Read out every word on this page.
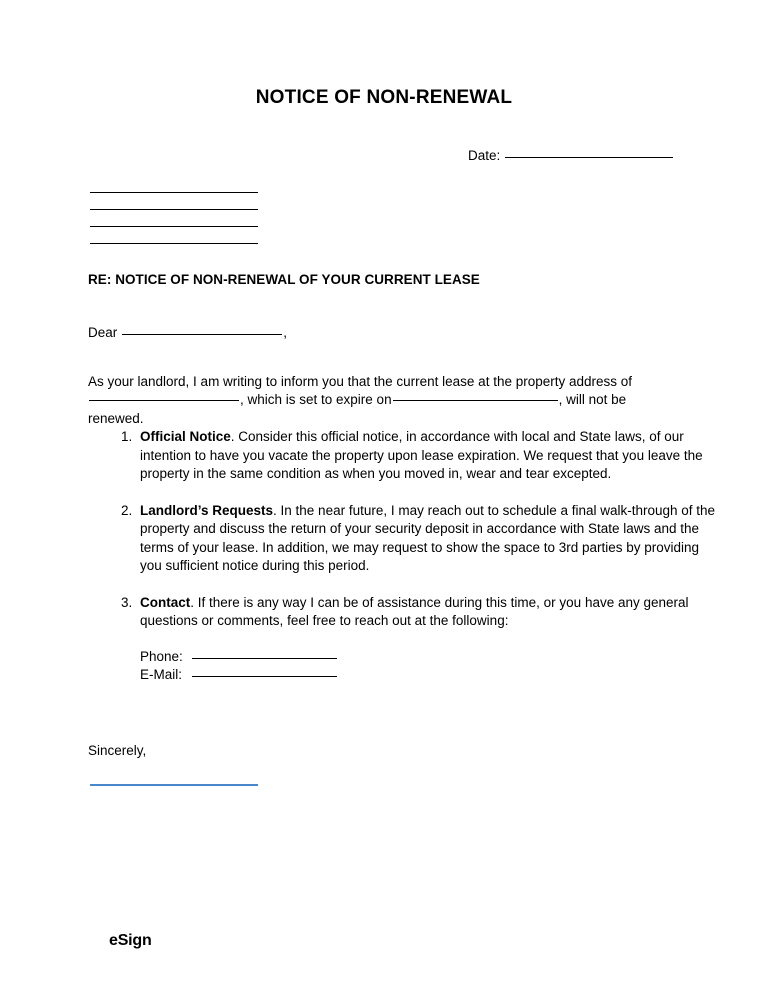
NOTICE OF NON-RENEWAL
Date:
RE: NOTICE OF NON-RENEWAL OF YOUR CURRENT LEASE
Dear	,

As your landlord, I am writing to inform you that the current lease at the property address of, which is set to expire on	, will not be renewed.

1. Official Notice. Consider this official notice, in accordance with local and State laws, of our intention to have you vacate the property upon lease expiration. We request that you leave the property in the same condition as when you moved in, wear and tear excepted.
2. Landlord’s Requests. In the near future, I may reach out to schedule a final walk-through of the property and discuss the return of your security deposit in accordance with State laws and the terms of your lease. In addition, we may request to show the space to 3rd parties by providing you sufficient notice during this period.
3. Contact. If there is any way I can be of assistance during this time, or you have any general questions or comments, feel free to reach out at the following:
Phone:
E-Mail:
Sincerely,
eSign
